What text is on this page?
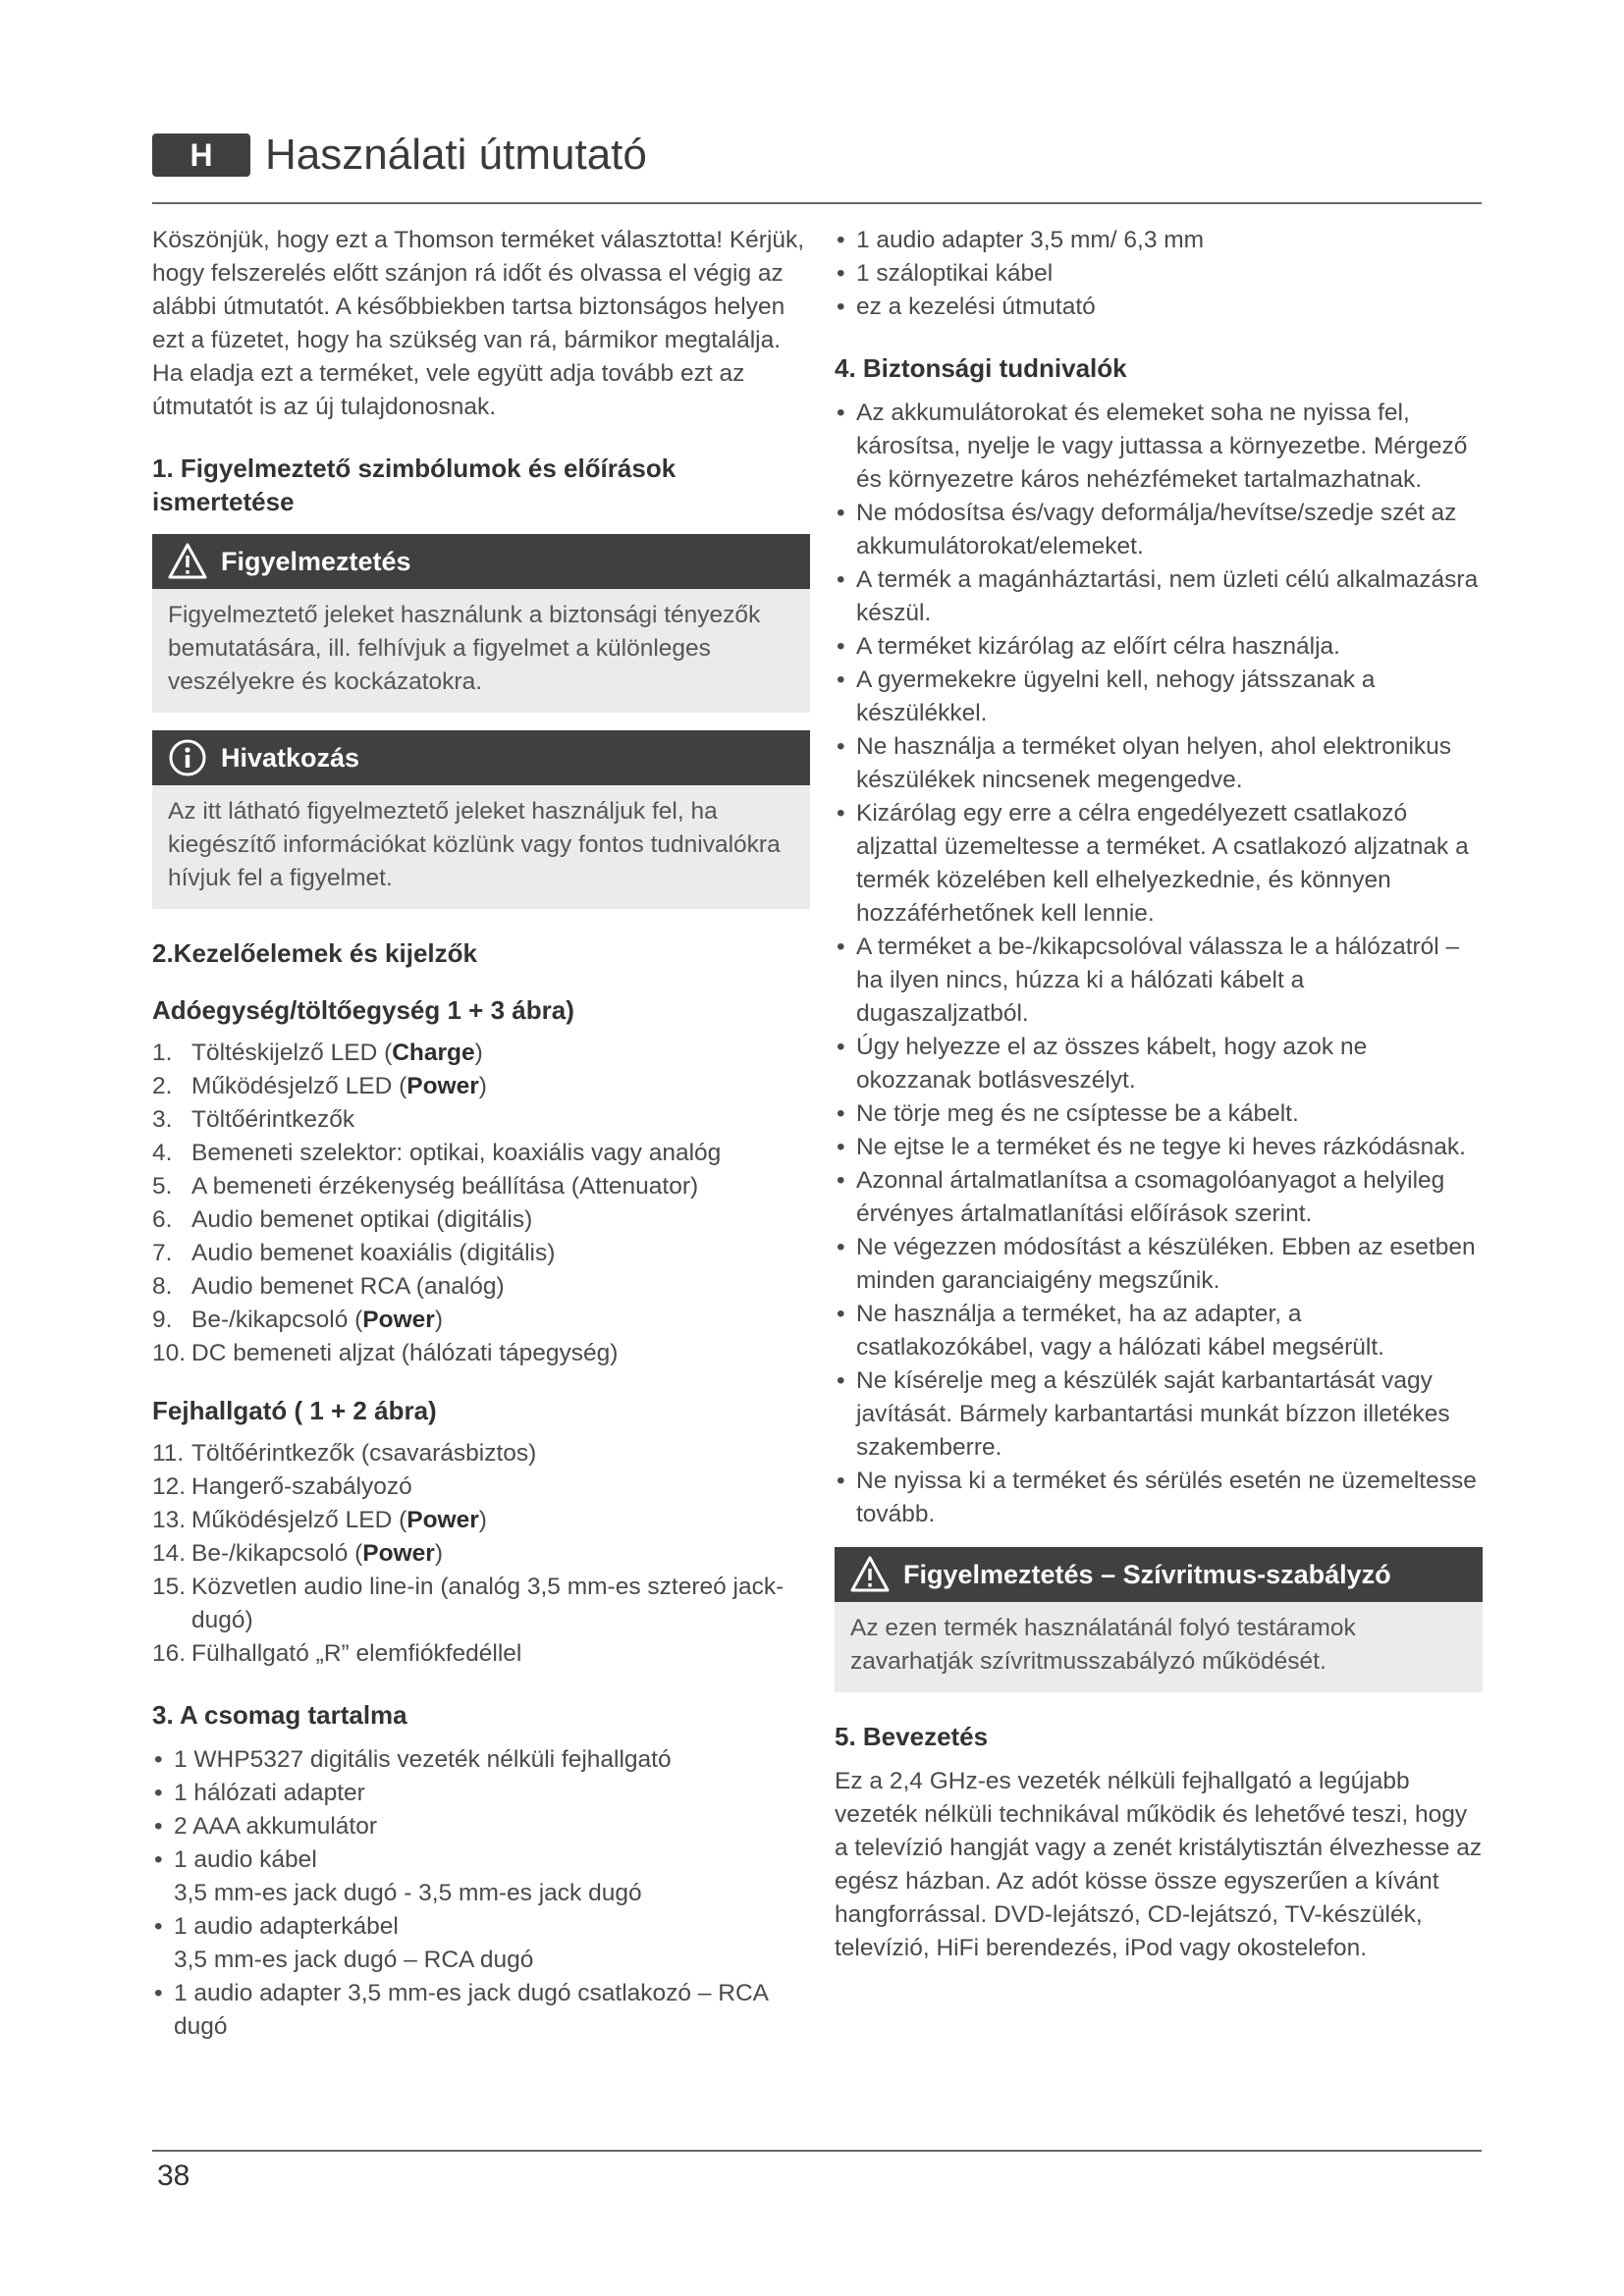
H	Használati útmutató

Köszönjük, hogy ezt a Thomson terméket választotta! Kérjük, hogy felszerelés előtt szánjon rá időt és olvassa el végig az alábbi útmutatót. A későbbiekben tartsa biztonságos helyen ezt a füzetet, hogy ha szükség van rá, bármikor megtalálja. Ha eladja ezt a terméket, vele együtt adja tovább ezt az útmutatót is az új tulajdonosnak.

1. Figyelmeztető szimbólumok és előírások ismertetése
Figyelmeztetés
Figyelmeztető jeleket használunk a biztonsági tényezők bemutatására, ill. felhívjuk a figyelmet a különleges veszélyekre és kockázatokra.
Hivatkozás
Az itt látható figyelmeztető jeleket használjuk fel, ha kiegészítő információkat közlünk vagy fontos tudnivalókra hívjuk fel a figyelmet.
2.Kezelőelemek és kijelzők
Adóegység/töltőegység 1 + 3 ábra)
1. Töltéskijelző LED (Charge)
2. Működésjelző LED (Power)
3. Töltőérintkezők
4. Bemeneti szelektor: optikai, koaxiális vagy analóg
5. A bemeneti érzékenység beállítása (Attenuator)
6. Audio bemenet optikai (digitális)
7. Audio bemenet koaxiális (digitális)
8. Audio bemenet RCA (analóg)
9. Be-/kikapcsoló (Power)
10. DC bemeneti aljzat (hálózati tápegység)
Fejhallgató ( 1 + 2 ábra)
11. Töltőérintkezők (csavarásbiztos)
12. Hangerő-szabályozó
13. Működésjelző LED (Power)
14. Be-/kikapcsoló (Power)
15. Közvetlen audio line-in (analóg 3,5 mm-es sztereó jack-dugó)
16. Fülhallgató „R” elemfiókfedéllel
3. A csomag tartalma
• 1 WHP5327 digitális vezeték nélküli fejhallgató
• 1 hálózati adapter
• 2 AAA akkumulátor
• 1 audio kábel
3,5 mm-es jack dugó - 3,5 mm-es jack dugó
• 1 audio adapterkábel
3,5 mm-es jack dugó – RCA dugó
• 1 audio adapter 3,5 mm-es jack dugó csatlakozó – RCA dugó
• 1 audio adapter 3,5 mm/ 6,3 mm
• 1 száloptikai kábel
• ez a kezelési útmutató
4. Biztonsági tudnivalók
• Az akkumulátorokat és elemeket soha ne nyissa fel, károsítsa, nyelje le vagy juttassa a környezetbe. Mérgező és környezetre káros nehézfémeket tartalmazhatnak.
• Ne módosítsa és/vagy deformálja/hevítse/szedje szét az akkumulátorokat/elemeket.
• A termék a magánháztartási, nem üzleti célú alkalmazásra készül.
• A terméket kizárólag az előírt célra használja.
• A gyermekekre ügyelni kell, nehogy játsszanak a készülékkel.
• Ne használja a terméket olyan helyen, ahol elektronikus készülékek nincsenek megengedve.
• Kizárólag egy erre a célra engedélyezett csatlakozó aljzattal üzemeltesse a terméket. A csatlakozó aljzatnak a termék közelében kell elhelyezkednie, és könnyen hozzáférhetőnek kell lennie.
• A terméket a be-/kikapcsolóval válassza le a hálózatról – ha ilyen nincs, húzza ki a hálózati kábelt a dugaszaljzatból.
• Úgy helyezze el az összes kábelt, hogy azok ne okozzanak botlásveszélyt.
• Ne törje meg és ne csíptesse be a kábelt.
• Ne ejtse le a terméket és ne tegye ki heves rázkódásnak.
• Azonnal ártalmatlanítsa a csomagolóanyagot a helyileg érvényes ártalmatlanítási előírások szerint.
• Ne végezzen módosítást a készüléken. Ebben az esetben minden garanciaigény megszűnik.
• Ne használja a terméket, ha az adapter, a csatlakozókábel, vagy a hálózati kábel megsérült.
• Ne kísérelje meg a készülék saját karbantartását vagy javítását. Bármely karbantartási munkát bízzon illetékes szakemberre.
• Ne nyissa ki a terméket és sérülés esetén ne üzemeltesse tovább.
Figyelmeztetés – Szívritmus-szabályzó
Az ezen termék használatánál folyó testáramok zavarhatják szívritmusszabályzó működését.
5. Bevezetés

Ez a 2,4 GHz-es vezeték nélküli fejhallgató a legújabb vezeték nélküli technikával működik és lehetővé teszi, hogy a televízió hangját vagy a zenét kristálytisztán élvezhesse az egész házban. Az adót kösse össze egyszerűen a kívánt hangforrással. DVD-lejátszó, CD-lejátszó, TV-készülék, televízió, HiFi berendezés, iPod vagy okostelefon.

38
